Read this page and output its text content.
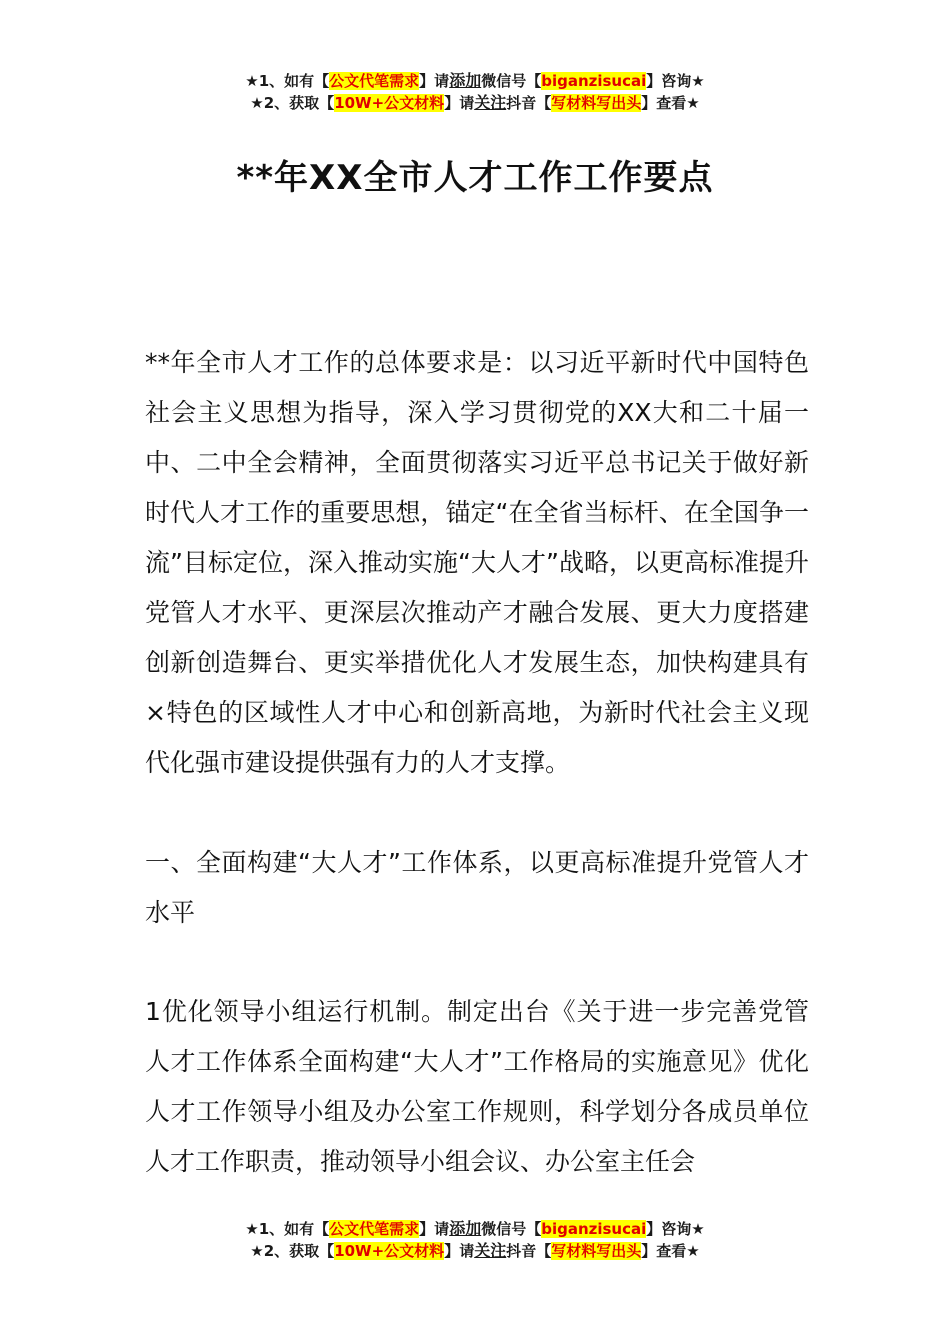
★1、如有【公文代笔需求】请添加微信号【biganzisucai】咨询★
★2、获取【10W+公文材料】请关注抖音【写材料写出头】查看★
**年XX全市人才工作工作要点

**年全市人才工作的总体要求是：以习近平新时代中国特色社会主义思想为指导，深入学习贯彻党的XX大和二十届一中、二中全会精神，全面贯彻落实习近平总书记关于做好新时代人才工作的重要思想，锚定“在全省当标杆、在全国争一流”目标定位，深入推动实施“大人才”战略，以更高标准提升党管人才水平、更深层次推动产才融合发展、更大力度搭建创新创造舞台、更实举措优化人才发展生态，加快构建具有×特色的区域性人才中心和创新高地，为新时代社会主义现代化强市建设提供强有力的人才支撑。

一、全面构建“大人才”工作体系，以更高标准提升党管人才水平

1优化领导小组运行机制。制定出台《关于进一步完善党管人才工作体系全面构建“大人才”工作格局的实施意见》优化人才工作领导小组及办公室工作规则，科学划分各成员单位人才工作职责，推动领导小组会议、办公室主任会

★1、如有【公文代笔需求】请添加微信号【biganzisucai】咨询★
★2、获取【10W+公文材料】请关注抖音【写材料写出头】查看★
